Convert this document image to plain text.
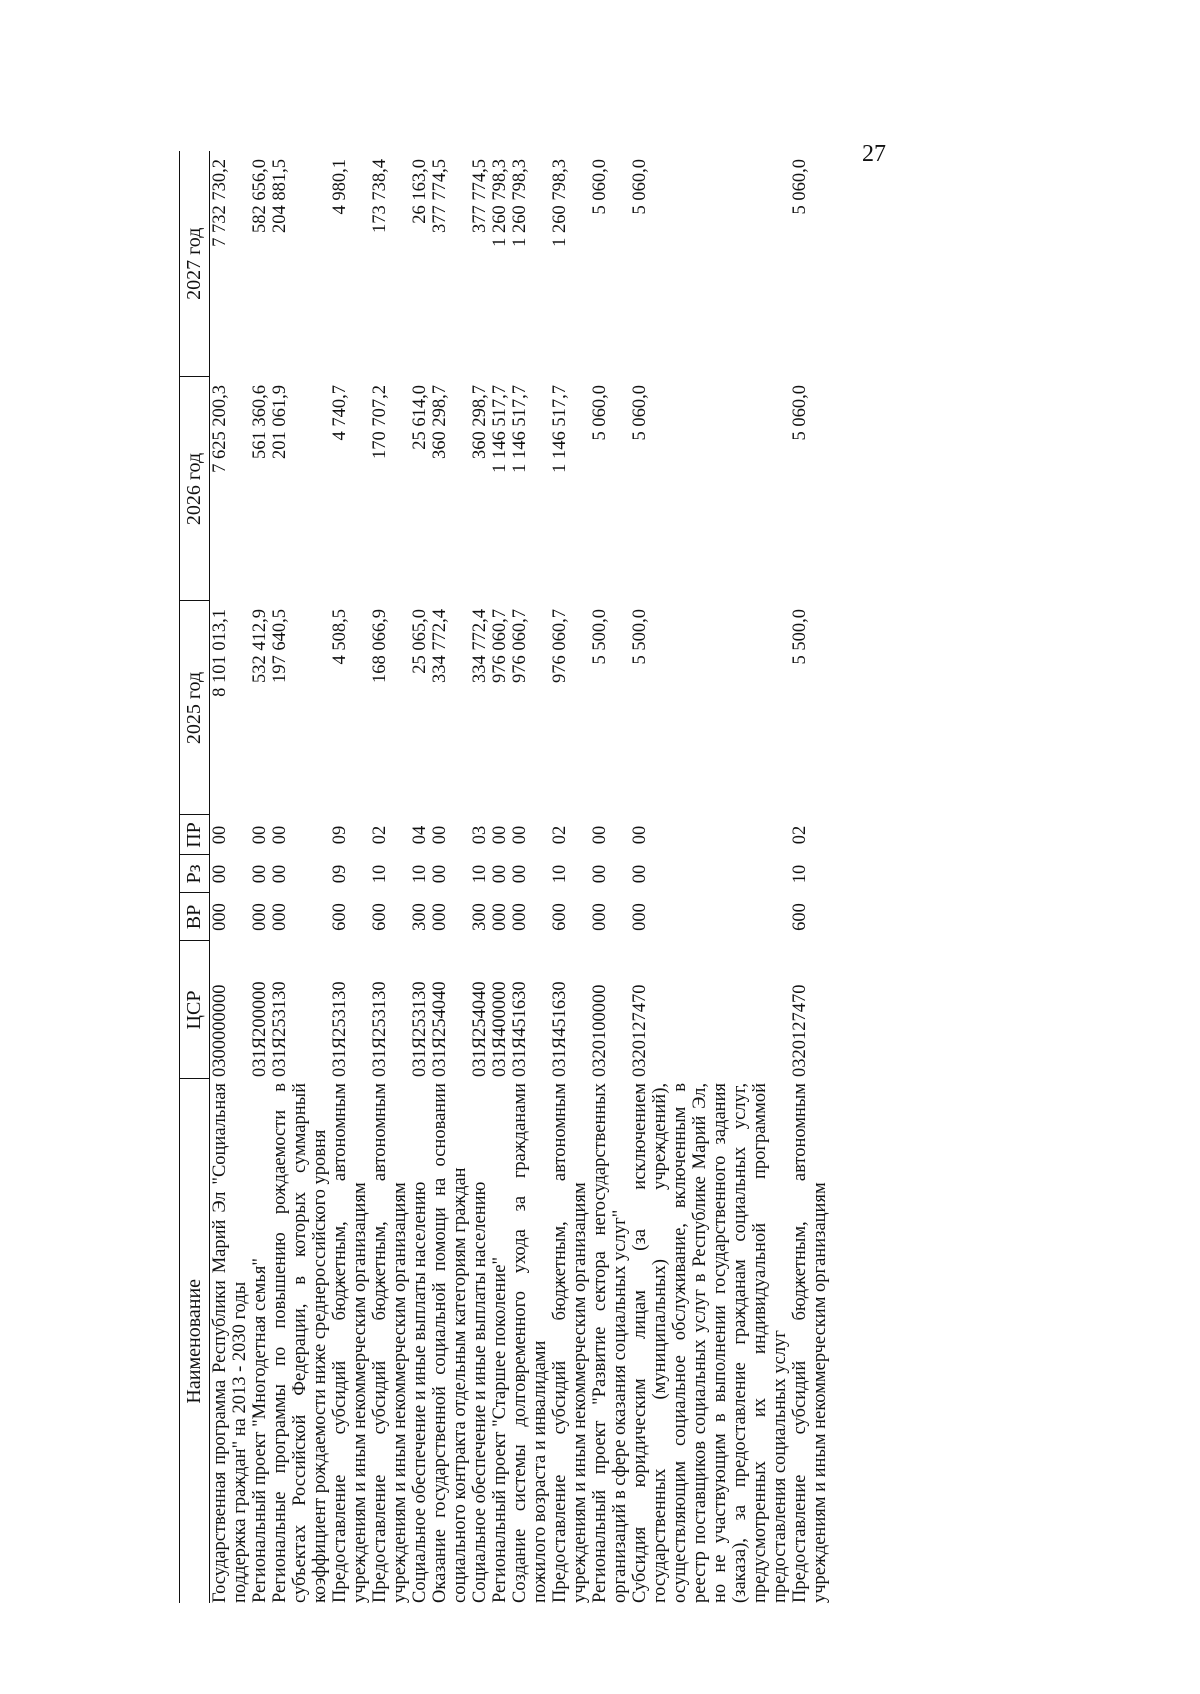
27
Наименование	ЦСР	ВР	Рз	ПР	2025 год	2026 год	2027 год
Государственная программа Республики Марий Эл "Социальная поддержка граждан" на 2013 - 2030 годы	0300000000	000	00	00	8 101 013,1	7 625 200,3	7 732 730,2
Региональный проект "Многодетная семья"	031Я200000	000	00	00	532 412,9	561 360,6	582 656,0
Региональные программы по повышению рождаемости в субъектах Российской Федерации, в которых суммарный коэффициент рождаемости ниже среднероссийского уровня	031Я253130	000	00	00	197 640,5	201 061,9	204 881,5
Предоставление субсидий бюджетным, автономным учреждениям и иным некоммерческим организациям	031Я253130	600	09	09	4 508,5	4 740,7	4 980,1
Предоставление субсидий бюджетным, автономным учреждениям и иным некоммерческим организациям	031Я253130	600	10	02	168 066,9	170 707,2	173 738,4
Социальное обеспечение и иные выплаты населению	031Я253130	300	10	04	25 065,0	25 614,0	26 163,0
Оказание государственной социальной помощи на основании социального контракта отдельным категориям граждан	031Я254040	000	00	00	334 772,4	360 298,7	377 774,5
Социальное обеспечение и иные выплаты населению	031Я254040	300	10	03	334 772,4	360 298,7	377 774,5
Региональный проект "Старшее поколение"	031Я400000	000	00	00	976 060,7	1 146 517,7	1 260 798,3
Создание системы долговременного ухода за гражданами пожилого возраста и инвалидами	031Я451630	000	00	00	976 060,7	1 146 517,7	1 260 798,3
Предоставление субсидий бюджетным, автономным учреждениям и иным некоммерческим организациям	031Я451630	600	10	02	976 060,7	1 146 517,7	1 260 798,3
Региональный проект "Развитие сектора негосударственных организаций в сфере оказания социальных услуг"	0320100000	000	00	00	5 500,0	5 060,0	5 060,0
Субсидия юридическим лицам (за исключением государственных (муниципальных) учреждений), осуществляющим социальное обслуживание, включенным в реестр поставщиков социальных услуг в Республике Марий Эл, но не участвующим в выполнении государственного задания (заказа), за предоставление гражданам социальных услуг, предусмотренных их индивидуальной программой предоставления социальных услуг	0320127470	000	00	00	5 500,0	5 060,0	5 060,0
Предоставление субсидий бюджетным, автономным учреждениям и иным некоммерческим организациям	0320127470	600	10	02	5 500,0	5 060,0	5 060,0
